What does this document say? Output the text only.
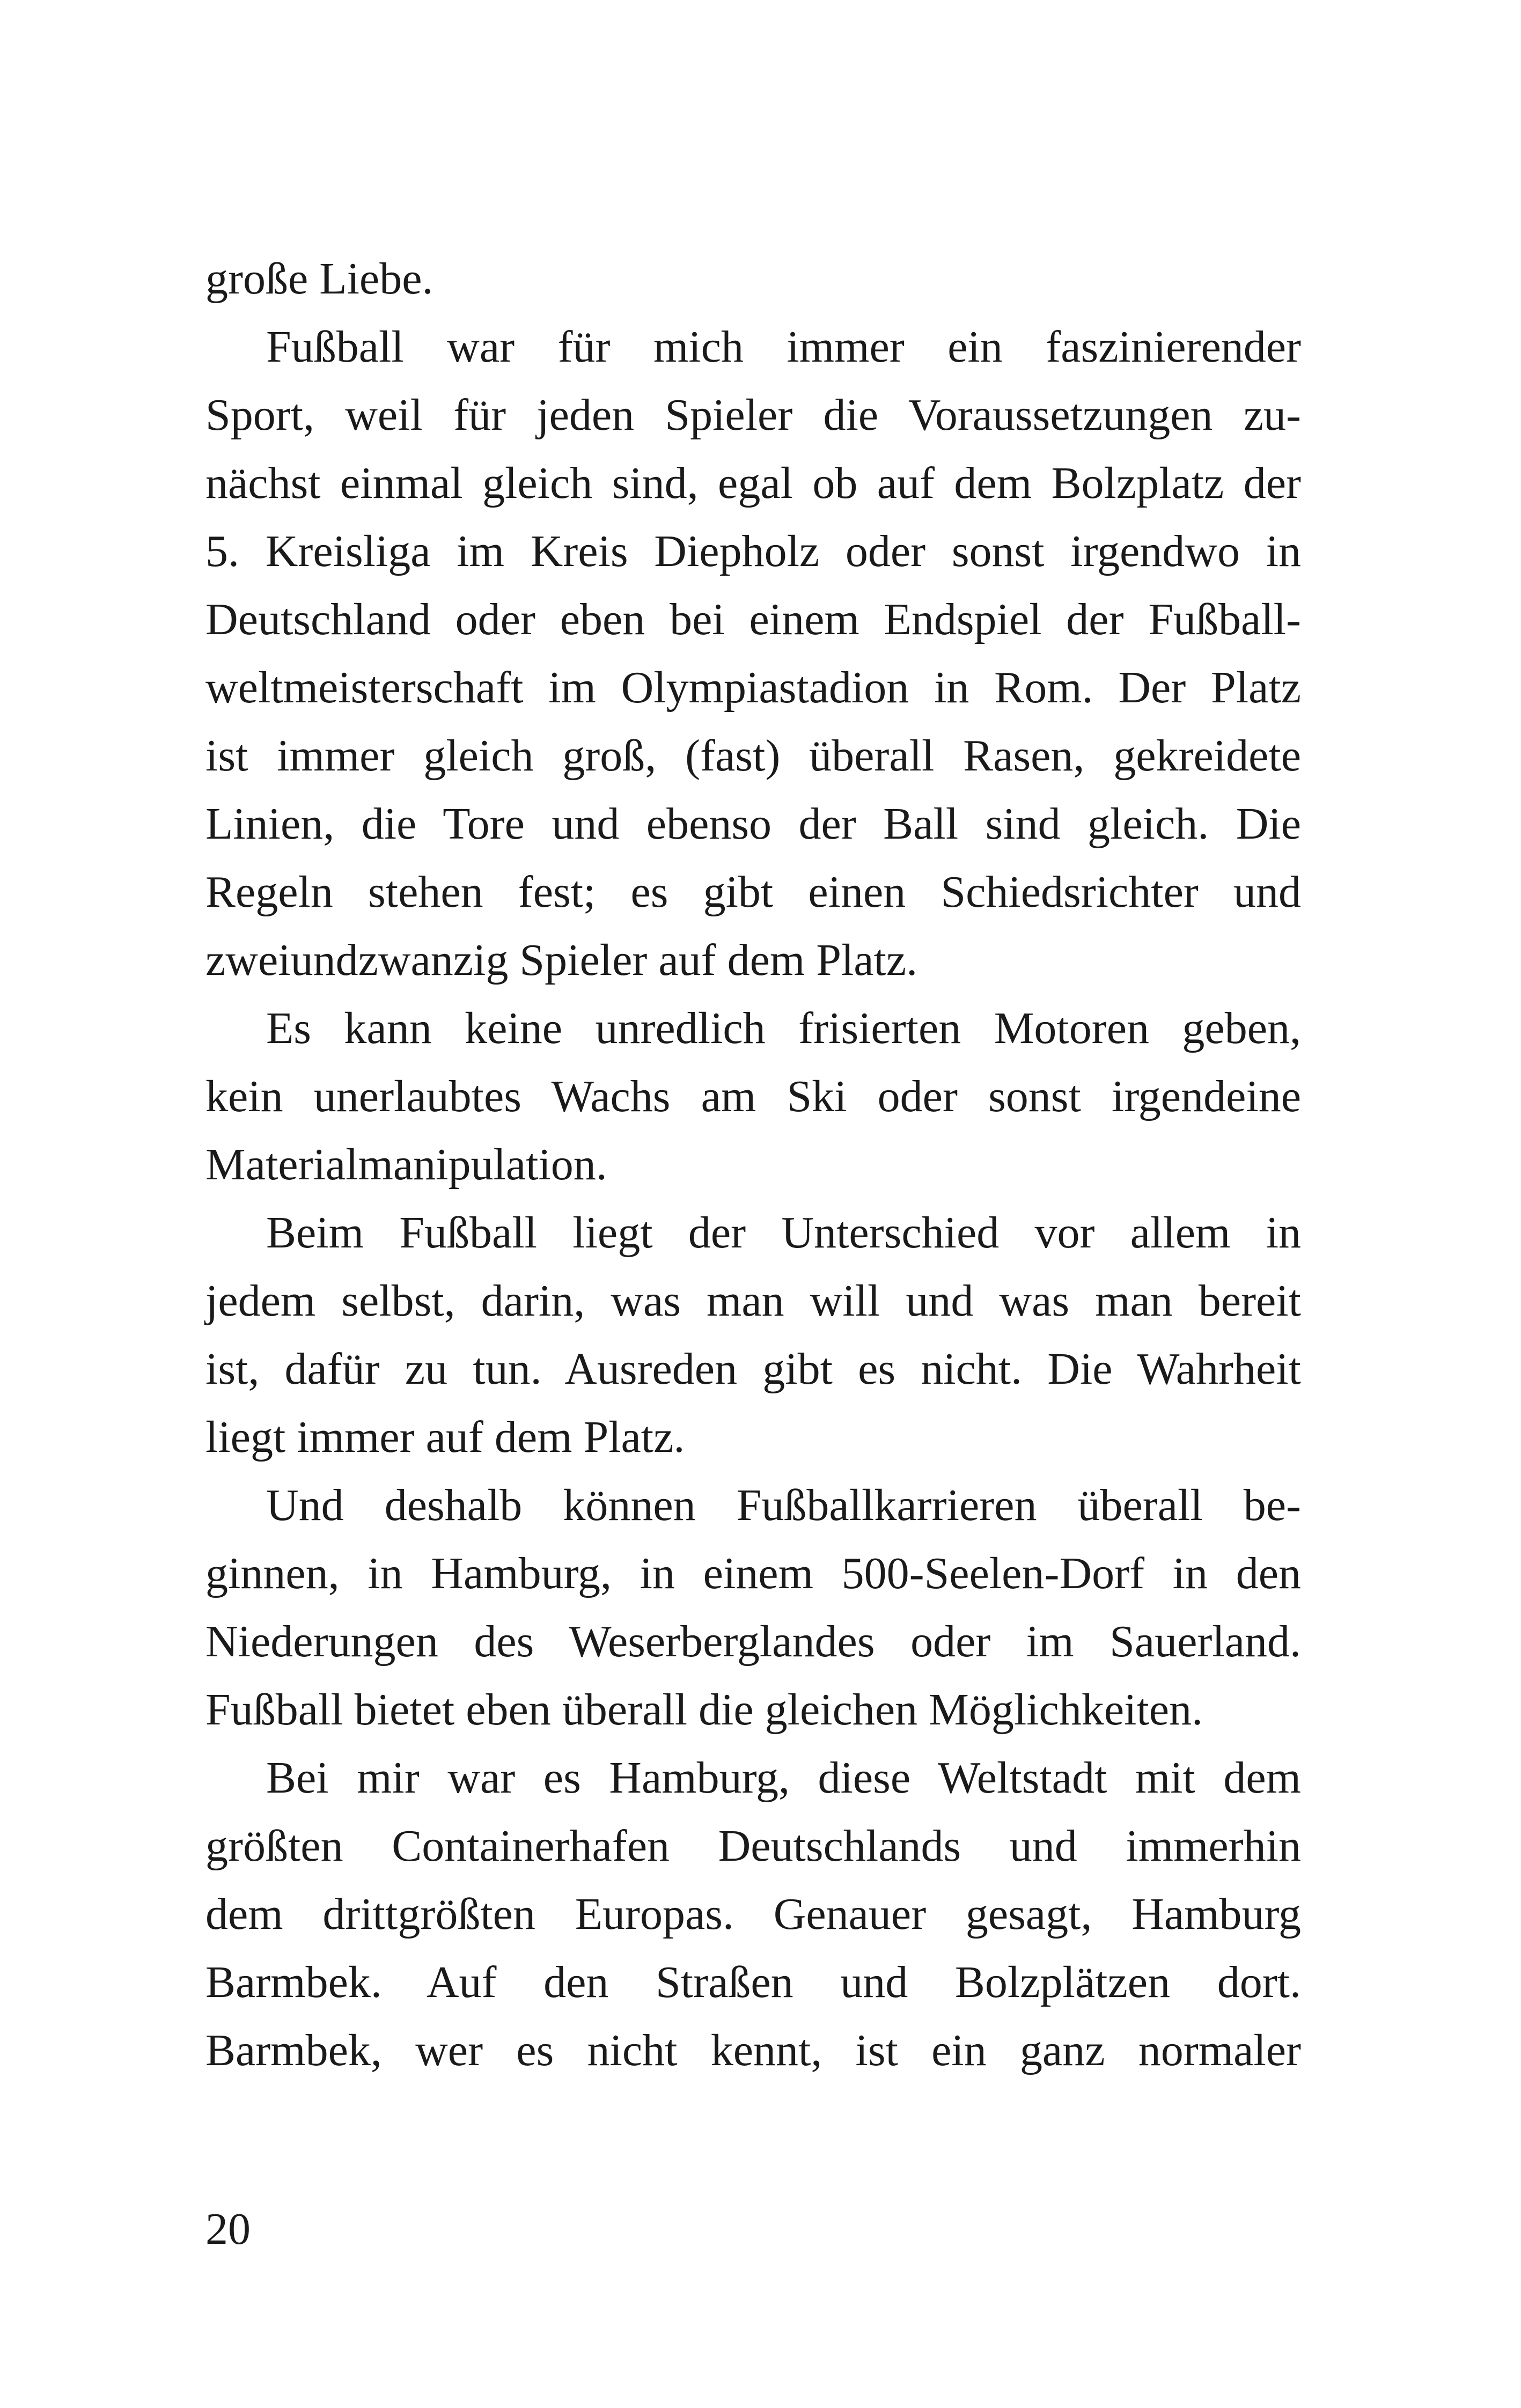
große Liebe.
Fußball war für mich immer ein faszinierender
Sport, weil für jeden Spieler die Voraussetzungen zu-
nächst einmal gleich sind, egal ob auf dem Bolzplatz der
5. Kreisliga im Kreis Diepholz oder sonst irgendwo in
Deutschland oder eben bei einem Endspiel der Fußball-
weltmeisterschaft im Olympiastadion in Rom. Der Platz
ist immer gleich groß, (fast) überall Rasen, gekreidete
Linien, die Tore und ebenso der Ball sind gleich. Die
Regeln stehen fest; es gibt einen Schiedsrichter und
zweiundzwanzig Spieler auf dem Platz.
Es kann keine unredlich frisierten Motoren geben,
kein unerlaubtes Wachs am Ski oder sonst irgendeine
Materialmanipulation.
Beim Fußball liegt der Unterschied vor allem in
jedem selbst, darin, was man will und was man bereit
ist, dafür zu tun. Ausreden gibt es nicht. Die Wahrheit
liegt immer auf dem Platz.
Und deshalb können Fußballkarrieren überall be-
ginnen, in Hamburg, in einem 500-Seelen-Dorf in den
Niederungen des Weserberglandes oder im Sauerland.
Fußball bietet eben überall die gleichen Möglichkeiten.
Bei mir war es Hamburg, diese Weltstadt mit dem
größten Containerhafen Deutschlands und immerhin
dem drittgrößten Europas. Genauer gesagt, Hamburg
Barmbek. Auf den Straßen und Bolzplätzen dort.
Barmbek, wer es nicht kennt, ist ein ganz normaler
20
